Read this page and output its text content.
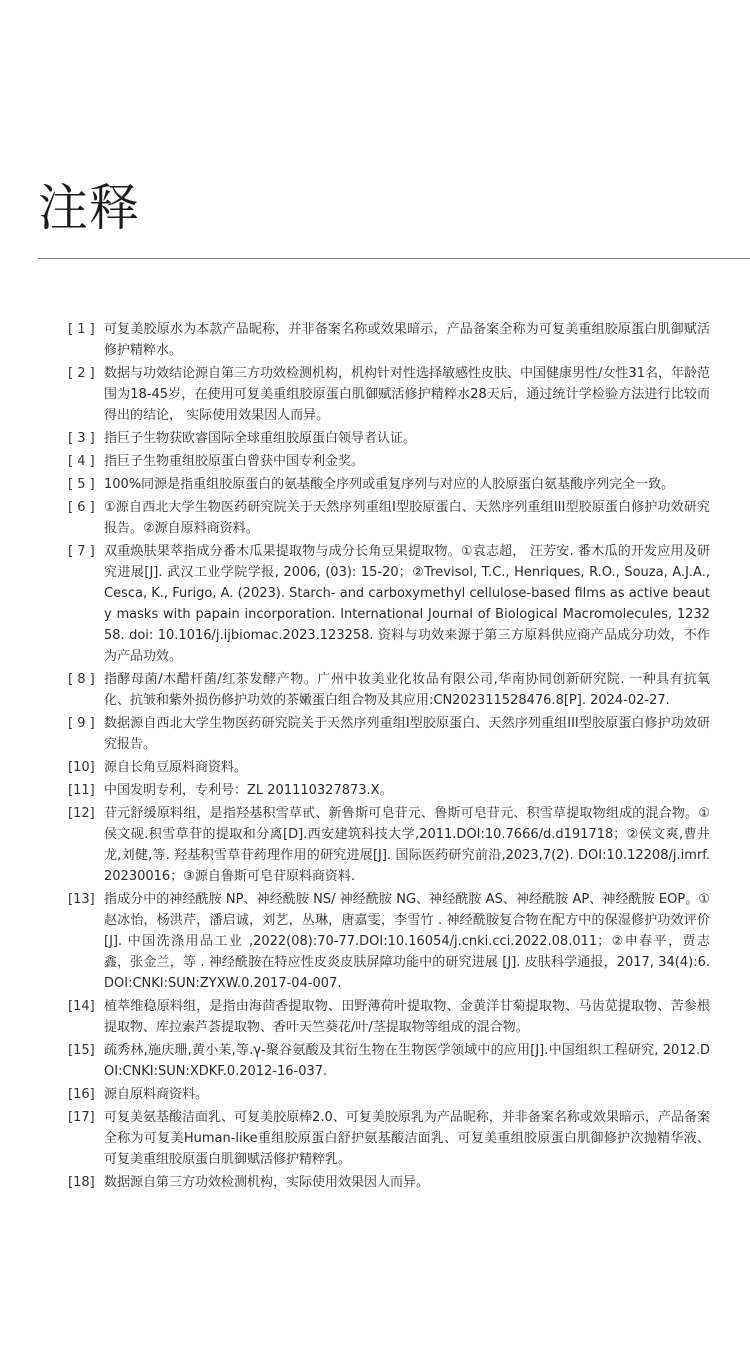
注释
[ 1 ] 可复美胶原水为本款产品昵称，并非备案名称或效果暗示，产品备案全称为可复美重组胶原蛋白肌御赋活修护精粹水。
[ 2 ] 数据与功效结论源自第三方功效检测机构，机构针对性选择敏感性皮肤、中国健康男性/女性31名，年龄范围为18-45岁，在使用可复美重组胶原蛋白肌御赋活修护精粹水28天后，通过统计学检验方法进行比较而得出的结论， 实际使用效果因人而异。
[ 3 ] 指巨子生物获欧睿国际全球重组胶原蛋白领导者认证。
[ 4 ] 指巨子生物重组胶原蛋白曾获中国专利金奖。
[ 5 ] 100%同源是指重组胶原蛋白的氨基酸全序列或重复序列与对应的人胶原蛋白氨基酸序列完全一致。
[ 6 ] ①源自西北大学生物医药研究院关于天然序列重组I型胶原蛋白、天然序列重组III型胶原蛋白修护功效研究报告。②源自原料商资料。
[ 7 ] 双重焕肤果萃指成分番木瓜果提取物与成分长角豆果提取物。①袁志超， 汪芳安. 番木瓜的开发应用及研究进展[J]. 武汉工业学院学报, 2006, (03): 15-20；②Trevisol, T.C., Henriques, R.O., Souza, A.J.A., Cesca, K., Furigo, A. (2023). Starch- and carboxymethyl cellulose-based films as active beauty masks with papain incorporation. International Journal of Biological Macromolecules, 123258. doi: 10.1016/j.ijbiomac.2023.123258. 资料与功效来源于第三方原料供应商产品成分功效，不作为产品功效。
[ 8 ] 指酵母菌/木醋杆菌/红茶发酵产物。广州中妆美业化妆品有限公司,华南协同创新研究院. 一种具有抗氧化、抗皱和紫外损伤修护功效的茶嫩蛋白组合物及其应用:CN202311528476.8[P]. 2024-02-27.
[ 9 ] 数据源自西北大学生物医药研究院关于天然序列重组I型胶原蛋白、天然序列重组III型胶原蛋白修护功效研究报告。
[10] 源自长角豆原料商资料。
[11] 中国发明专利，专利号：ZL 201110327873.X。
[12] 苷元舒缓原料组，是指羟基积雪草甙、新鲁斯可皂苷元、鲁斯可皂苷元、积雪草提取物组成的混合物。①侯文砚.积雪草苷的提取和分离[D].西安建筑科技大学,2011.DOI:10.7666/d.d191718；②侯文爽,曹井龙,刘健,等. 羟基积雪草苷药理作用的研究进展[J]. 国际医药研究前沿,2023,7(2). DOI:10.12208/j.imrf.20230016；③源自鲁斯可皂苷原料商资料.
[13] 指成分中的神经酰胺 NP、神经酰胺 NS/ 神经酰胺 NG、神经酰胺 AS、神经酰胺 AP、神经酰胺 EOP。①赵冰怡，杨洪芹，潘启诚，刘艺，丛琳，唐嘉雯，李雪竹 . 神经酰胺复合物在配方中的保湿修护功效评价 [J]. 中国洗涤用品工业 ,2022(08):70-77.DOI:10.16054/j.cnki.cci.2022.08.011；②申春平，贾志鑫，张金兰，等 . 神经酰胺在特应性皮炎皮肤屏障功能中的研究进展 [J]. 皮肤科学通报，2017, 34(4):6.DOI:CNKI:SUN:ZYXW.0.2017-04-007.
[14] 植萃维稳原料组，是指由海茴香提取物、田野薄荷叶提取物、金黄洋甘菊提取物、马齿苋提取物、苦参根提取物、库拉索芦荟提取物、香叶天竺葵花/叶/茎提取物等组成的混合物。
[15] 疏秀林,施庆珊,黄小茉,等.γ-聚谷氨酸及其衍生物在生物医学领域中的应用[J].中国组织工程研究, 2012.DOI:CNKI:SUN:XDKF.0.2012-16-037.
[16] 源自原料商资料。
[17] 可复美氨基酸洁面乳、可复美胶原棒2.0、可复美胶原乳为产品昵称，并非备案名称或效果暗示，产品备案全称为可复美Human-like重组胶原蛋白舒护氨基酸洁面乳、可复美重组胶原蛋白肌御修护次抛精华液、 可复美重组胶原蛋白肌御赋活修护精粹乳。
[18] 数据源自第三方功效检测机构，实际使用效果因人而异。
